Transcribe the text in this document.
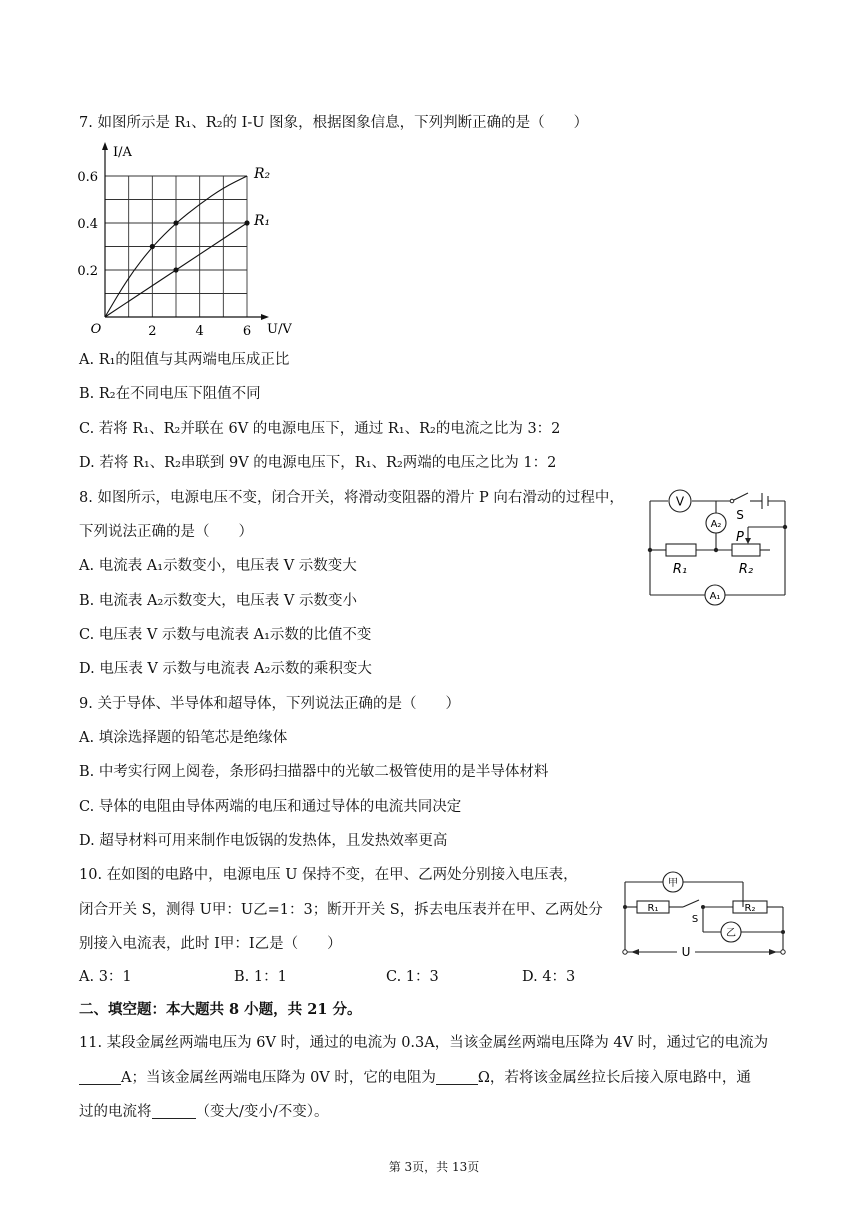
7. 如图所示是 R₁、R₂的 I-U 图象，根据图象信息，下列判断正确的是（　　）
R₂
R₁
I/A
U/V
O	2	4	6
0.2
0.4
0.6
A. R₁的阻值与其两端电压成正比
B. R₂在不同电压下阻值不同
C. 若将 R₁、R₂并联在 6V 的电源电压下，通过 R₁、R₂的电流之比为 3：2
D. 若将 R₁、R₂串联到 9V 的电源电压下，R₁、R₂两端的电压之比为 1：2
8. 如图所示，电源电压不变，闭合开关，将滑动变阻器的滑片 P 向右滑动的过程中，
下列说法正确的是（　　）
A. 电流表 A₁示数变小，电压表 V 示数变大
B. 电流表 A₂示数变大，电压表 V 示数变小
C. 电压表 V 示数与电流表 A₁示数的比值不变
D. 电压表 V 示数与电流表 A₂示数的乘积变大
V
A₂
A₁
S
P
R₁	R₂
9. 关于导体、半导体和超导体，下列说法正确的是（　　）
A. 填涂选择题的铅笔芯是绝缘体
B. 中考实行网上阅卷，条形码扫描器中的光敏二极管使用的是半导体材料
C. 导体的电阻由导体两端的电压和通过导体的电流共同决定
D. 超导材料可用来制作电饭锅的发热体，且发热效率更高
10. 在如图的电路中，电源电压 U 保持不变，在甲、乙两处分别接入电压表，
闭合开关 S，测得 U甲：U乙=1：3；断开开关 S，拆去电压表并在甲、乙两处分
别接入电流表，此时 I甲：I乙是（　　）
A. 3：1	B. 1：1	C. 1：3	D. 4：3
甲
乙
S
R₁	R₂
U
二、填空题：本大题共 8 小题，共 21 分。
11. 某段金属丝两端电压为 6V 时，通过的电流为 0.3A，当该金属丝两端电压降为 4V 时，通过它的电流为
A；当该金属丝两端电压降为 0V 时，它的电阻为	Ω，若将该金属丝拉长后接入原电路中，通
过的电流将	（变大/变小/不变）。
第 3页，共 13页
